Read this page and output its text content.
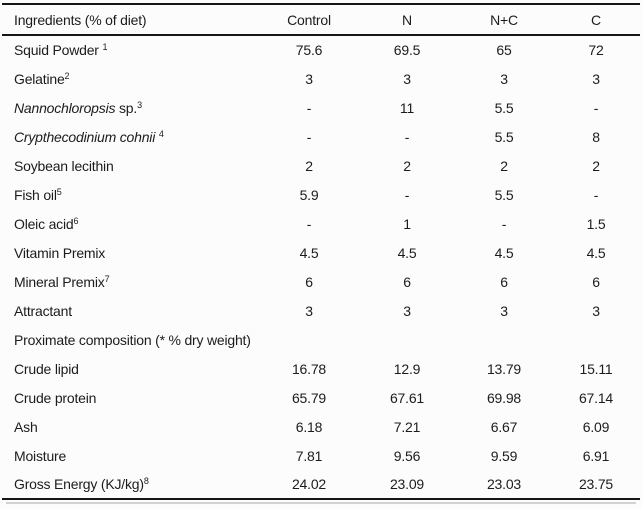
Ingredients (% of diet)	Control	N	N+C	C
Squid Powder $^1$	75.6	69.5	65	72
Gelatine$^2$	3	3	3	3
Nannochloropsis sp.$^3$	-	11	5.5	-
Crypthecodinium cohnii $^4$	-	-	5.5	8
Soybean lecithin	2	2	2	2
Fish oil$^5$	5.9	-	5.5	-
Oleic acid$^6$	-	1	-	1.5
Vitamin Premix	4.5	4.5	4.5	4.5
Mineral Premix$^7$	6	6	6	6
Attractant	3	3	3	3
Proximate composition (* % dry weight)				
Crude lipid	16.78	12.9	13.79	15.11
Crude protein	65.79	67.61	69.98	67.14
Ash	6.18	7.21	6.67	6.09
Moisture	7.81	9.56	9.59	6.91
Gross Energy $(KJ/kg)^8$	24.02	23.09	23.03	23.75
